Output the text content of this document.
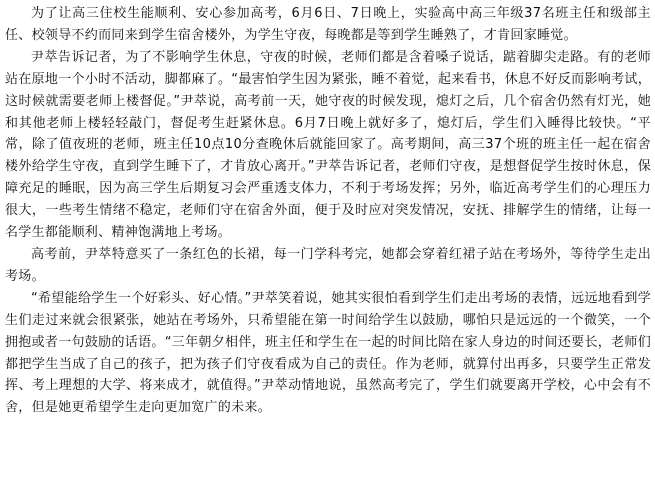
为了让高三住校生能顺利、安心参加高考，6月6日、7日晚上，实验高中高三年级37名班主任和级部主任、校领导不约而同来到学生宿舍楼外，为学生守夜，每晚都是等到学生睡熟了，才肯回家睡觉。

尹萃告诉记者，为了不影响学生休息，守夜的时候，老师们都是含着嗓子说话，踮着脚尖走路。有的老师站在原地一个小时不活动，脚都麻了。“最害怕学生因为紧张，睡不着觉，起来看书，休息不好反而影响考试，这时候就需要老师上楼督促。”尹萃说，高考前一天，她守夜的时候发现，熄灯之后，几个宿舍仍然有灯光，她和其他老师上楼轻轻敲门，督促考生赶紧休息。6月7日晚上就好多了，熄灯后，学生们入睡得比较快。“平常，除了值夜班的老师，班主任10点10分查晚休后就能回家了。高考期间，高三37个班的班主任一起在宿舍楼外给学生守夜，直到学生睡下了，才肯放心离开。”尹萃告诉记者，老师们守夜，是想督促学生按时休息，保障充足的睡眠，因为高三学生后期复习会严重透支体力，不利于考场发挥；另外，临近高考学生们的心理压力很大，一些考生情绪不稳定，老师们守在宿舍外面，便于及时应对突发情况，安抚、排解学生的情绪，让每一名学生都能顺利、精神饱满地上考场。

高考前，尹萃特意买了一条红色的长裙，每一门学科考完，她都会穿着红裙子站在考场外，等待学生走出考场。

“希望能给学生一个好彩头、好心情。”尹萃笑着说，她其实很怕看到学生们走出考场的表情，远远地看到学生们走过来就会很紧张，她站在考场外，只希望能在第一时间给学生以鼓励，哪怕只是远远的一个微笑，一个拥抱或者一句鼓励的话语。“三年朝夕相伴，班主任和学生在一起的时间比陪在家人身边的时间还要长，老师们都把学生当成了自己的孩子，把为孩子们守夜看成为自己的责任。作为老师，就算付出再多，只要学生正常发挥、考上理想的大学、将来成才，就值得。”尹萃动情地说，虽然高考完了，学生们就要离开学校，心中会有不舍，但是她更希望学生走向更加宽广的未来。
